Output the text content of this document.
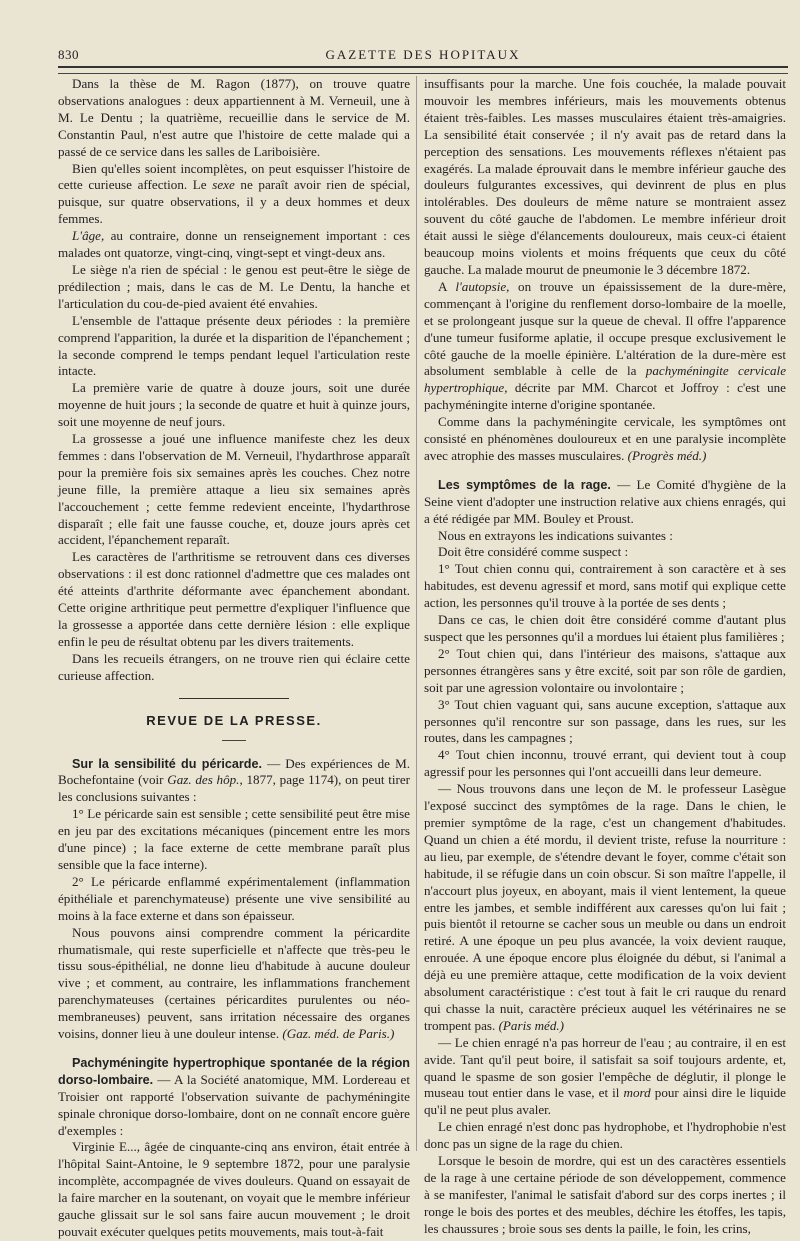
830	GAZETTE DES HOPITAUX

Dans la thèse de M. Ragon (1877), on trouve quatre observations analogues : deux appartiennent à M. Verneuil, une à M. Le Dentu ; la quatrième, recueillie dans le service de M. Constantin Paul, n'est autre que l'histoire de cette malade qui a passé de ce service dans les salles de Lariboisière.

Bien qu'elles soient incomplètes, on peut esquisser l'histoire de cette curieuse affection. Le sexe ne paraît avoir rien de spécial, puisque, sur quatre observations, il y a deux hommes et deux femmes.

L'âge, au contraire, donne un renseignement important : ces malades ont quatorze, vingt-cinq, vingt-sept et vingt-deux ans.

Le siège n'a rien de spécial : le genou est peut-être le siège de prédilection ; mais, dans le cas de M. Le Dentu, la hanche et l'articulation du cou-de-pied avaient été envahies.

L'ensemble de l'attaque présente deux périodes : la première comprend l'apparition, la durée et la disparition de l'épanchement ; la seconde comprend le temps pendant lequel l'articulation reste intacte.

La première varie de quatre à douze jours, soit une durée moyenne de huit jours ; la seconde de quatre et huit à quinze jours, soit une moyenne de neuf jours.

La grossesse a joué une influence manifeste chez les deux femmes : dans l'observation de M. Verneuil, l'hydarthrose apparaît pour la première fois six semaines après les couches. Chez notre jeune fille, la première attaque a lieu six semaines après l'accouchement ; cette femme redevient enceinte, l'hydarthrose disparaît ; elle fait une fausse couche, et, douze jours après cet accident, l'épanchement reparaît.

Les caractères de l'arthritisme se retrouvent dans ces diverses observations : il est donc rationnel d'admettre que ces malades ont été atteints d'arthrite déformante avec épanchement abondant. Cette origine arthritique peut permettre d'expliquer l'influence que la grossesse a apportée dans cette dernière lésion : elle explique enfin le peu de résultat obtenu par les divers traitements.

Dans les recueils étrangers, on ne trouve rien qui éclaire cette curieuse affection.

REVUE DE LA PRESSE.

Sur la sensibilité du péricarde. — Des expériences de M. Bochefontaine (voir Gaz. des hôp., 1877, page 1174), on peut tirer les conclusions suivantes :

1° Le péricarde sain est sensible ; cette sensibilité peut être mise en jeu par des excitations mécaniques (pincement entre les mors d'une pince) ; la face externe de cette membrane paraît plus sensible que la face interne).

2° Le péricarde enflammé expérimentalement (inflammation épithéliale et parenchymateuse) présente une vive sensibilité au moins à la face externe et dans son épaisseur.

Nous pouvons ainsi comprendre comment la péricardite rhumatismale, qui reste superficielle et n'affecte que très-peu le tissu sous-épithélial, ne donne lieu d'habitude à aucune douleur vive ; et comment, au contraire, les inflammations franchement parenchymateuses (certaines péricardites purulentes ou néo-membraneuses) peuvent, sans irritation nécessaire des organes voisins, donner lieu à une douleur intense. (Gaz. méd. de Paris.)

Pachyméningite hypertrophique spontanée de la région dorso-lombaire. — A la Société anatomique, MM. Lordereau et Troisier ont rapporté l'observation suivante de pachyméningite spinale chronique dorso-lombaire, dont on ne connaît encore guère d'exemples :

Virginie E..., âgée de cinquante-cinq ans environ, était entrée à l'hôpital Saint-Antoine, le 9 septembre 1872, pour une paralysie incomplète, accompagnée de vives douleurs. Quand on essayait de la faire marcher en la soutenant, on voyait que le membre inférieur gauche glissait sur le sol sans faire aucun mouvement ; le droit pouvait exécuter quelques petits mouvements, mais tout-à-fait

insuffisants pour la marche. Une fois couchée, la malade pouvait mouvoir les membres inférieurs, mais les mouvements obtenus étaient très-faibles. Les masses musculaires étaient très-amaigries. La sensibilité était conservée ; il n'y avait pas de retard dans la perception des sensations. Les mouvements réflexes n'étaient pas exagérés. La malade éprouvait dans le membre inférieur gauche des douleurs fulgurantes excessives, qui devinrent de plus en plus intolérables. Des douleurs de même nature se montraient assez souvent du côté gauche de l'abdomen. Le membre inférieur droit était aussi le siège d'élancements douloureux, mais ceux-ci étaient beaucoup moins violents et moins fréquents que ceux du côté gauche. La malade mourut de pneumonie le 3 décembre 1872.

A l'autopsie, on trouve un épaississement de la dure-mère, commençant à l'origine du renflement dorso-lombaire de la moelle, et se prolongeant jusque sur la queue de cheval. Il offre l'apparence d'une tumeur fusiforme aplatie, il occupe presque exclusivement le côté gauche de la moelle épinière. L'altération de la dure-mère est absolument semblable à celle de la pachyméningite cervicale hypertrophique, décrite par MM. Charcot et Joffroy : c'est une pachyméningite interne d'origine spontanée.

Comme dans la pachyméningite cervicale, les symptômes ont consisté en phénomènes douloureux et en une paralysie incomplète avec atrophie des masses musculaires. (Progrès méd.)

Les symptômes de la rage. — Le Comité d'hygiène de la Seine vient d'adopter une instruction relative aux chiens enragés, qui a été rédigée par MM. Bouley et Proust.

Nous en extrayons les indications suivantes :

Doit être considéré comme suspect :

1° Tout chien connu qui, contrairement à son caractère et à ses habitudes, est devenu agressif et mord, sans motif qui explique cette action, les personnes qu'il trouve à la portée de ses dents ;

Dans ce cas, le chien doit être considéré comme d'autant plus suspect que les personnes qu'il a mordues lui étaient plus familières ;

2° Tout chien qui, dans l'intérieur des maisons, s'attaque aux personnes étrangères sans y être excité, soit par son rôle de gardien, soit par une agression volontaire ou involontaire ;

3° Tout chien vaguant qui, sans aucune exception, s'attaque aux personnes qu'il rencontre sur son passage, dans les rues, sur les routes, dans les campagnes ;

4° Tout chien inconnu, trouvé errant, qui devient tout à coup agressif pour les personnes qui l'ont accueilli dans leur demeure.

— Nous trouvons dans une leçon de M. le professeur Lasègue l'exposé succinct des symptômes de la rage. Dans le chien, le premier symptôme de la rage, c'est un changement d'habitudes. Quand un chien a été mordu, il devient triste, refuse la nourriture : au lieu, par exemple, de s'étendre devant le foyer, comme c'était son habitude, il se réfugie dans un coin obscur. Si son maître l'appelle, il n'accourt plus joyeux, en aboyant, mais il vient lentement, la queue entre les jambes, et semble indifférent aux caresses qu'on lui fait ; puis bientôt il retourne se cacher sous un meuble ou dans un endroit retiré. A une époque un peu plus avancée, la voix devient rauque, enrouée. A une époque encore plus éloignée du début, si l'animal a déjà eu une première attaque, cette modification de la voix devient absolument caractéristique : c'est tout à fait le cri rauque du renard qui chasse la nuit, caractère précieux auquel les vétérinaires ne se trompent pas. (Paris méd.)

— Le chien enragé n'a pas horreur de l'eau ; au contraire, il en est avide. Tant qu'il peut boire, il satisfait sa soif toujours ardente, et, quand le spasme de son gosier l'empêche de déglutir, il plonge le museau tout entier dans le vase, et il mord pour ainsi dire le liquide qu'il ne peut plus avaler.

Le chien enragé n'est donc pas hydrophobe, et l'hydrophobie n'est donc pas un signe de la rage du chien.

Lorsque le besoin de mordre, qui est un des caractères essentiels de la rage à une certaine période de son développement, commence à se manifester, l'animal le satisfait d'abord sur des corps inertes ; il ronge le bois des portes et des meubles, déchire les étoffes, les tapis, les chaussures ; broie sous ses dents la paille, le foin, les crins,
